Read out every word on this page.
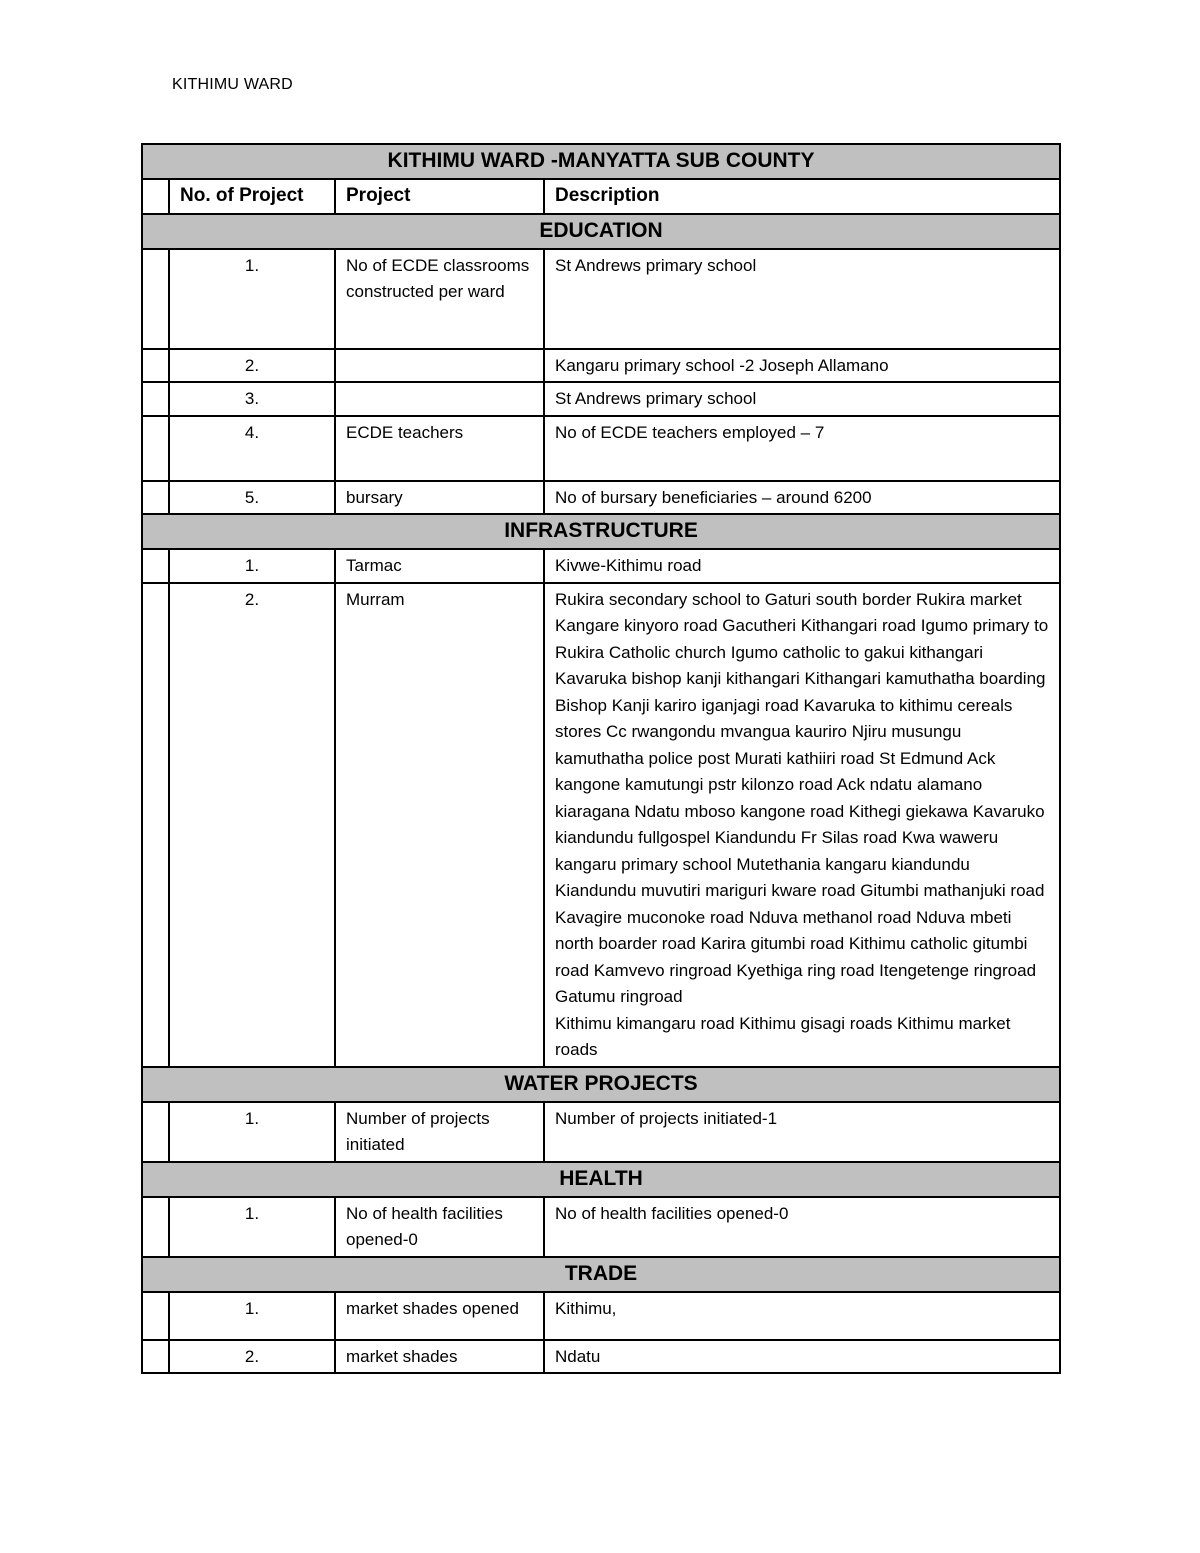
KITHIMU WARD
KITHIMU WARD -MANYATTA SUB COUNTY			
	No. of Project	Project	Description
EDUCATION			
	1.	No of ECDE classrooms constructed per ward	St Andrews primary school
	2.		Kangaru primary school -2 Joseph Allamano
	3.		St Andrews primary school
	4.	ECDE teachers	No of ECDE teachers employed – 7
	5.	bursary	No of bursary beneficiaries – around 6200
INFRASTRUCTURE			
	1.	Tarmac	Kivwe-Kithimu road
	2.	Murram	Rukira secondary school to Gaturi south border Rukira market Kangare kinyoro road Gacutheri Kithangari road Igumo primary to Rukira Catholic church Igumo catholic to gakui kithangari Kavaruka bishop kanji kithangari Kithangari kamuthatha boarding Bishop Kanji kariro iganjagi road Kavaruka to kithimu cereals stores Cc rwangondu mvangua kauriro Njiru musungu kamuthatha police post Murati kathiiri road St Edmund Ack kangone kamutungi pstr kilonzo road Ack ndatu alamano kiaragana Ndatu mboso kangone road Kithegi giekawa Kavaruko kiandundu fullgospel Kiandundu Fr Silas road Kwa waweru kangaru primary school Mutethania kangaru kiandundu Kiandundu muvutiri mariguri kware road Gitumbi mathanjuki road Kavagire muconoke road Nduva methanol road Nduva mbeti north boarder road Karira gitumbi road Kithimu catholic gitumbi road Kamvevo ringroad Kyethiga ring road Itengetenge ringroad Gatumu ringroad
Kithimu kimangaru road Kithimu gisagi roads Kithimu market roads

WATER PROJECTS			
	1.	Number of projects initiated	Number of projects initiated-1
HEALTH			
	1.	No of health facilities opened-0	No of health facilities opened-0
TRADE			
	1.	market shades opened	Kithimu,
	2.	market shades	Ndatu
